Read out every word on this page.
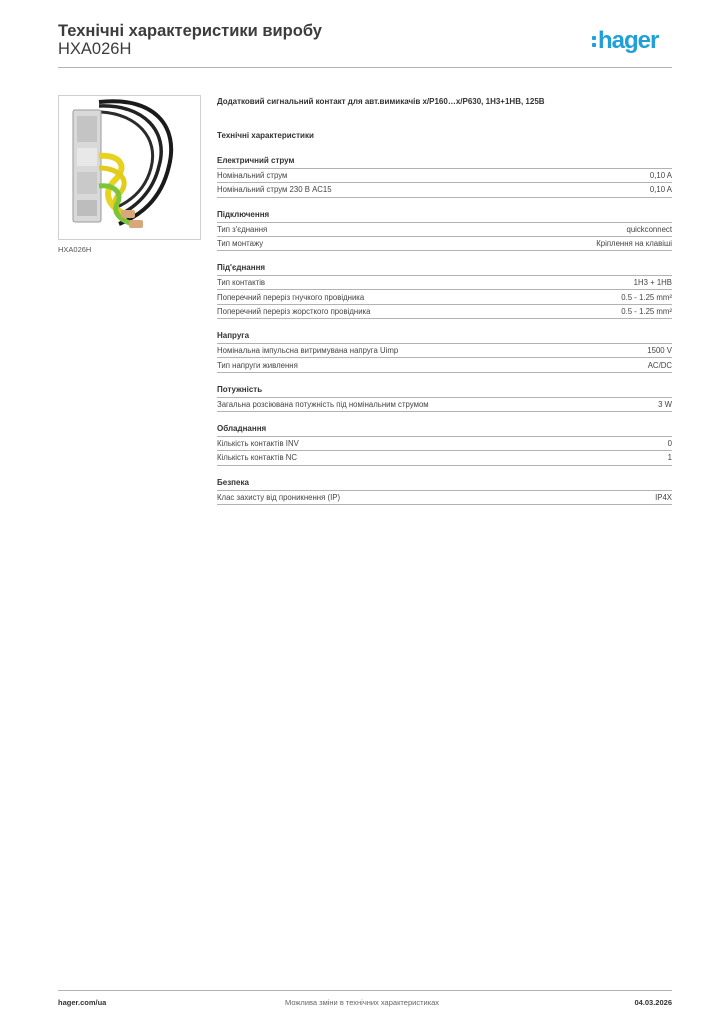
Технічні характеристики виробу
HXA026H	hager
HXA026H
Додатковий сигнальний контакт для авт.вимикачів x/P160…x/P630, 1Н3+1НВ, 125В
Технічні характеристики
Електричний струм
Номінальний струм	0,10 A
Номінальний струм 230 В AC15	0,10 A
Підключення
Тип з'єднання	quickconnect
Тип монтажу	Кріплення на клавіші
Під'єднання
Тип контактів	1Н3 + 1НВ
Поперечний переріз гнучкого провідника	0.5 - 1.25 mm²
Поперечний переріз жорсткого провідника	0.5 - 1.25 mm²
Напруга
Номінальна імпульсна витримувана напруга Uimp	1500 V
Тип напруги живлення	AC/DC
Потужність
Загальна розсіювана потужність під номінальним струмом	3 W
Обладнання
Кількість контактів INV	0
Кількість контактів NC	1
Безпека
Клас захисту від проникнення (IP)	IP4X
hager.com/ua	Можлива зміни в технічних характеристиках	04.03.2026
